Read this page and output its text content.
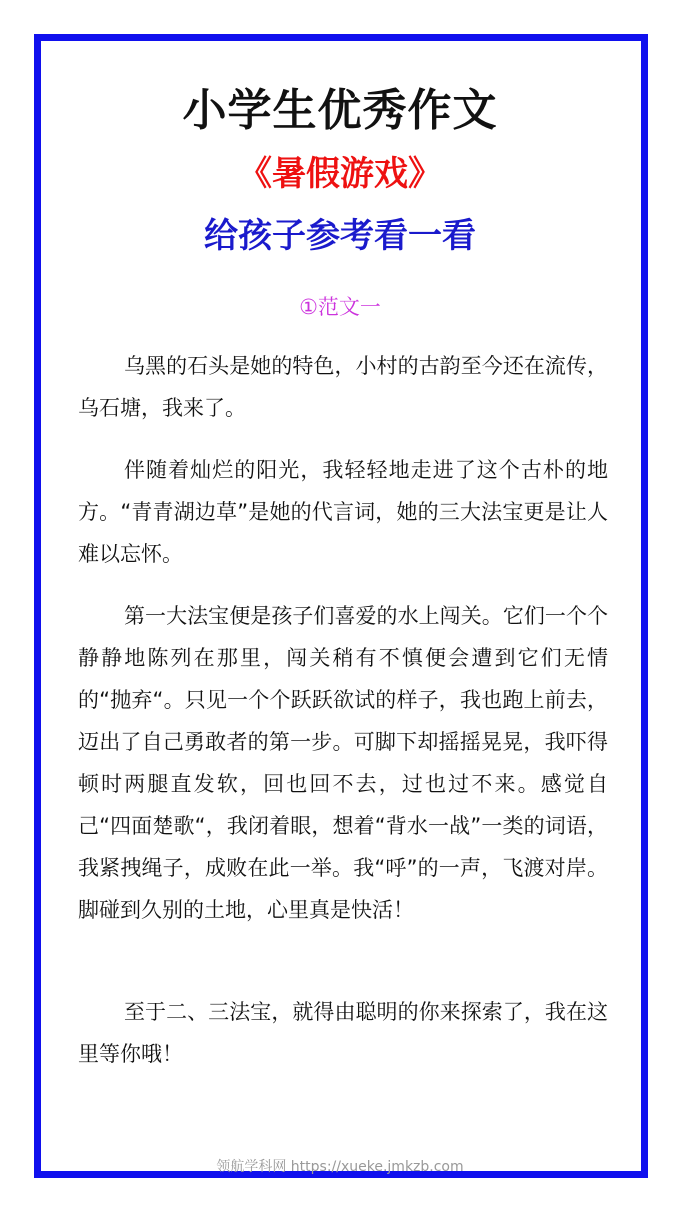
小学生优秀作文
《暑假游戏》
给孩子参考看一看
①范文一

乌黑的石头是她的特色，小村的古韵至今还在流传，乌石塘，我来了。

伴随着灿烂的阳光，我轻轻地走进了这个古朴的地方。“青青湖边草”是她的代言词，她的三大法宝更是让人难以忘怀。

第一大法宝便是孩子们喜爱的水上闯关。它们一个个静静地陈列在那里，闯关稍有不慎便会遭到它们无情的“抛弃“。只见一个个跃跃欲试的样子，我也跑上前去，迈出了自己勇敢者的第一步。可脚下却摇摇晃晃，我吓得顿时两腿直发软，回也回不去，过也过不来。感觉自己“四面楚歌“，我闭着眼，想着“背水一战”一类的词语，我紧拽绳子，成败在此一举。我“呼”的一声，飞渡对岸。脚碰到久别的土地，心里真是快活！

至于二、三法宝，就得由聪明的你来探索了，我在这里等你哦！

领航学科网 https://xueke.jmkzb.com
